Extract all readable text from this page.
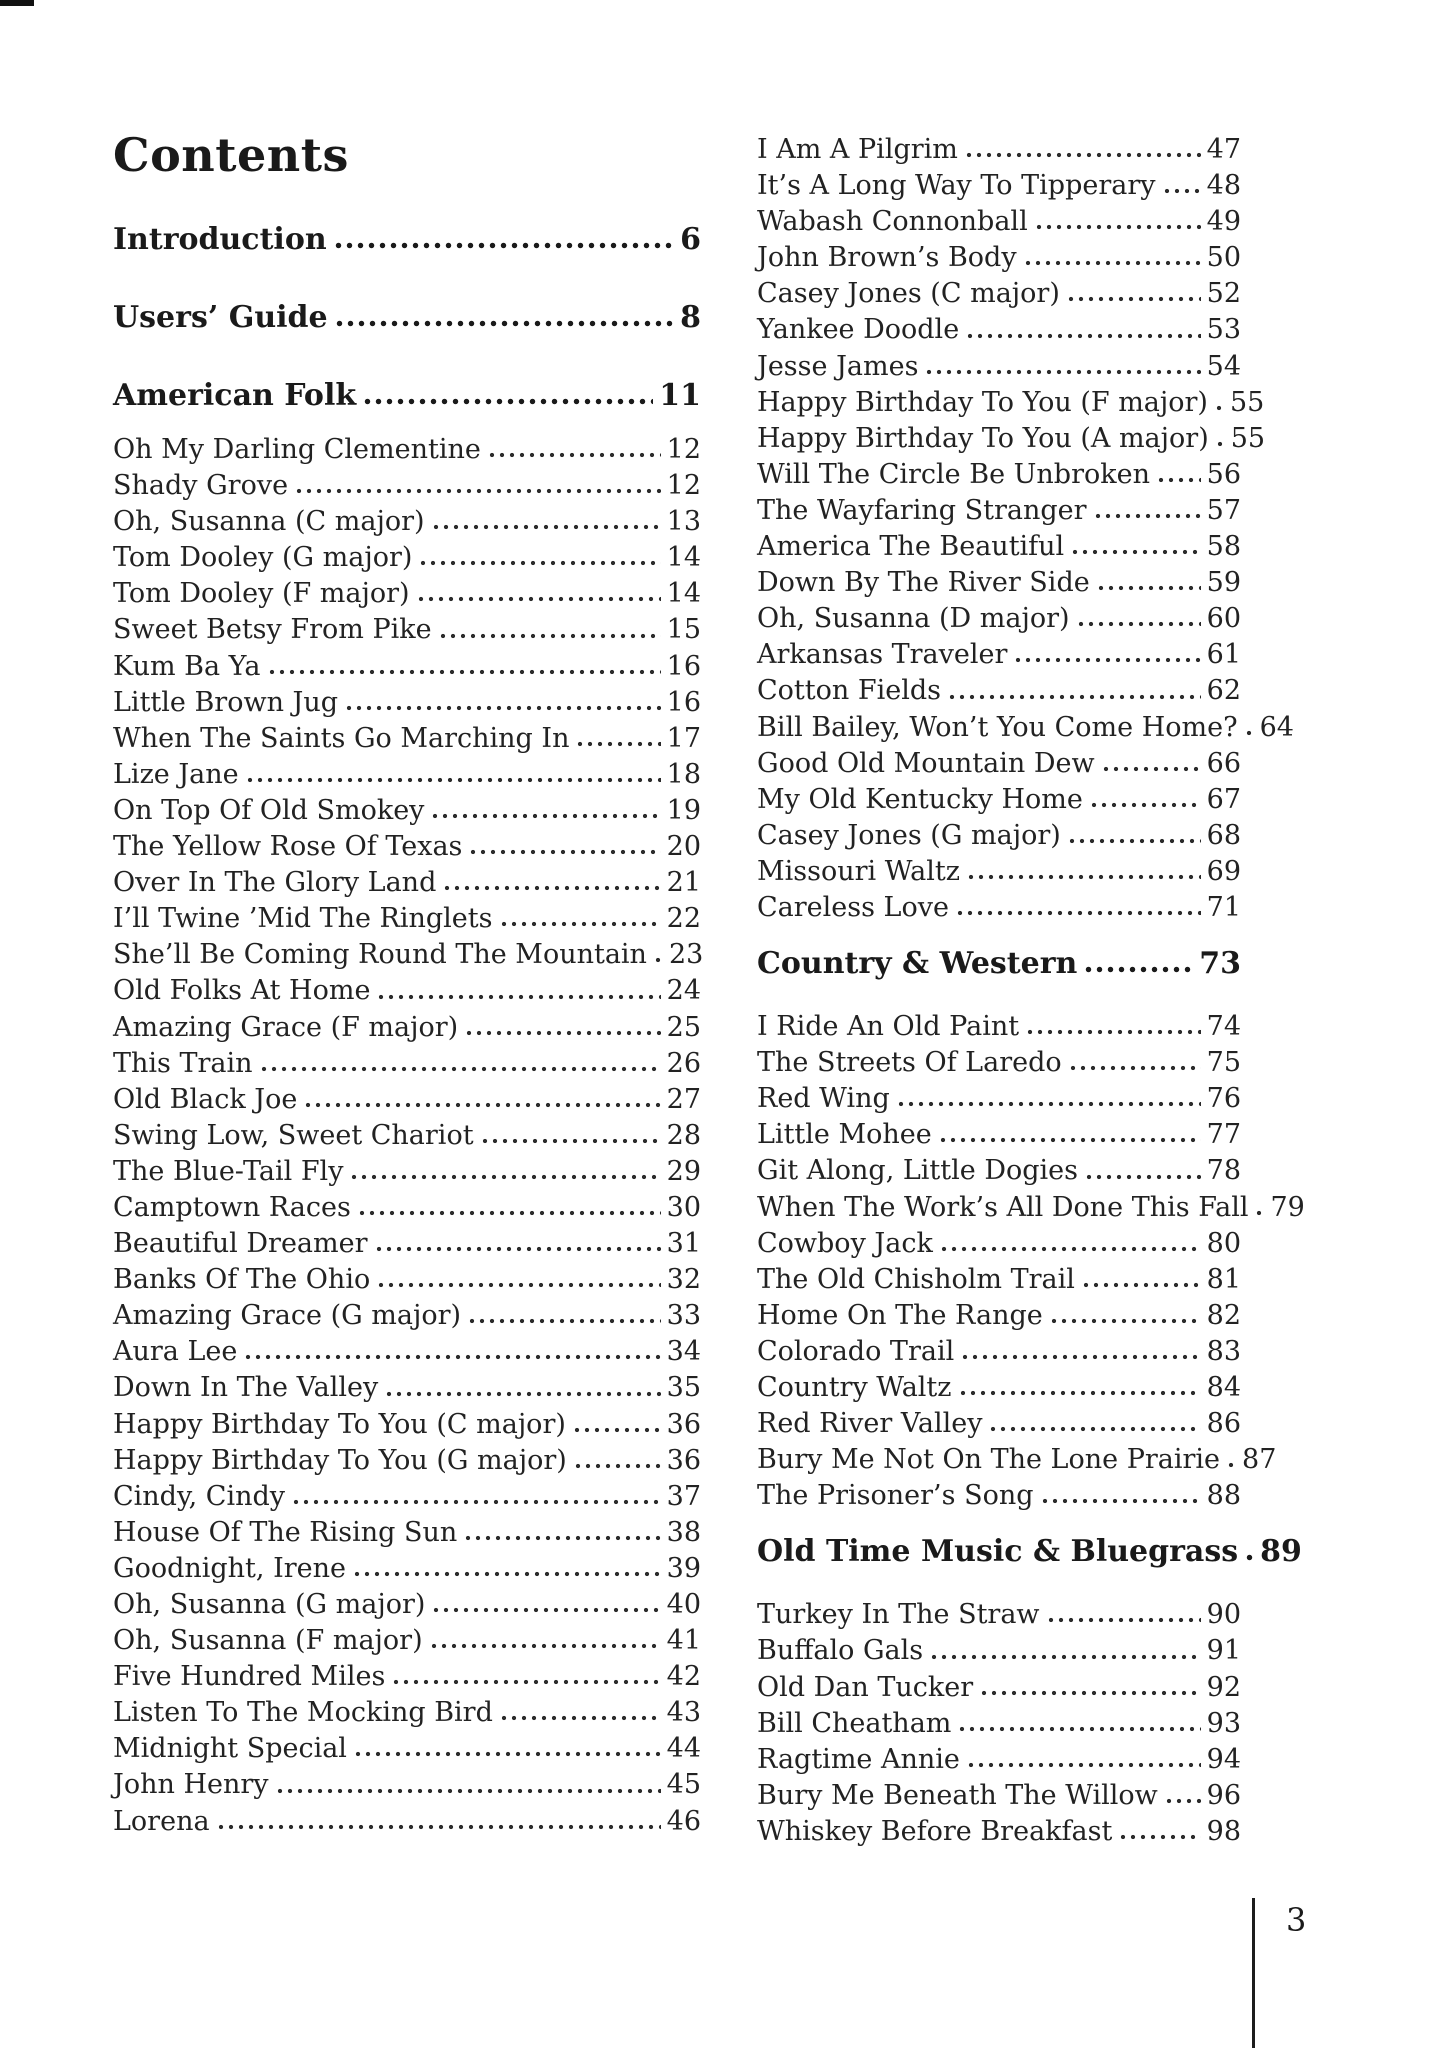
Contents
Introduction	6
Users’ Guide	8
American Folk	11
Oh My Darling Clementine	12
Shady Grove	12
Oh, Susanna (C major)	13
Tom Dooley (G major)	14
Tom Dooley (F major)	14
Sweet Betsy From Pike	15
Kum Ba Ya	16
Little Brown Jug	16
When The Saints Go Marching In	17
Lize Jane	18
On Top Of Old Smokey	19
The Yellow Rose Of Texas	20
Over In The Glory Land	21
I’ll Twine ’Mid The Ringlets	22
She’ll Be Coming Round The Mountain 23
Old Folks At Home	24
Amazing Grace (F major)	25
This Train	26
Old Black Joe	27
Swing Low, Sweet Chariot	28
The Blue-Tail Fly	29
Camptown Races	30
Beautiful Dreamer	31
Banks Of The Ohio	32
Amazing Grace (G major)	33
Aura Lee	34
Down In The Valley	35
Happy Birthday To You (C major)	36
Happy Birthday To You (G major)	36
Cindy, Cindy	37
House Of The Rising Sun	38
Goodnight, Irene	39
Oh, Susanna (G major)	40
Oh, Susanna (F major)	41
Five Hundred Miles	42
Listen To The Mocking Bird	43
Midnight Special	44
John Henry	45
Lorena	46
I Am A Pilgrim	47
It’s A Long Way To Tipperary 48
Wabash Connonball	49
John Brown’s Body	50
Casey Jones (C major)	52
Yankee Doodle	53
Jesse James	54
Happy Birthday To You (F major) 55
Happy Birthday To You (A major) 55
Will The Circle Be Unbroken 56
The Wayfaring Stranger	57
America The Beautiful	58
Down By The River Side	59
Oh, Susanna (D major)	60
Arkansas Traveler	61
Cotton Fields	62
Bill Bailey, Won’t You Come Home? 64
Good Old Mountain Dew	66
My Old Kentucky Home	67
Casey Jones (G major)	68
Missouri Waltz	69
Careless Love	71
Country & Western	73
I Ride An Old Paint	74
The Streets Of Laredo	75
Red Wing	76
Little Mohee	77
Git Along, Little Dogies	78
When The Work’s All Done This Fall 79
Cowboy Jack	80
The Old Chisholm Trail	81
Home On The Range	82
Colorado Trail	83
Country Waltz	84
Red River Valley	86
Bury Me Not On The Lone Prairie 87
The Prisoner’s Song	88
Old Time Music & Bluegrass 89
Turkey In The Straw	90
Buffalo Gals	91
Old Dan Tucker	92
Bill Cheatham	93
Ragtime Annie	94
Bury Me Beneath The Willow 96
Whiskey Before Breakfast	98
3
